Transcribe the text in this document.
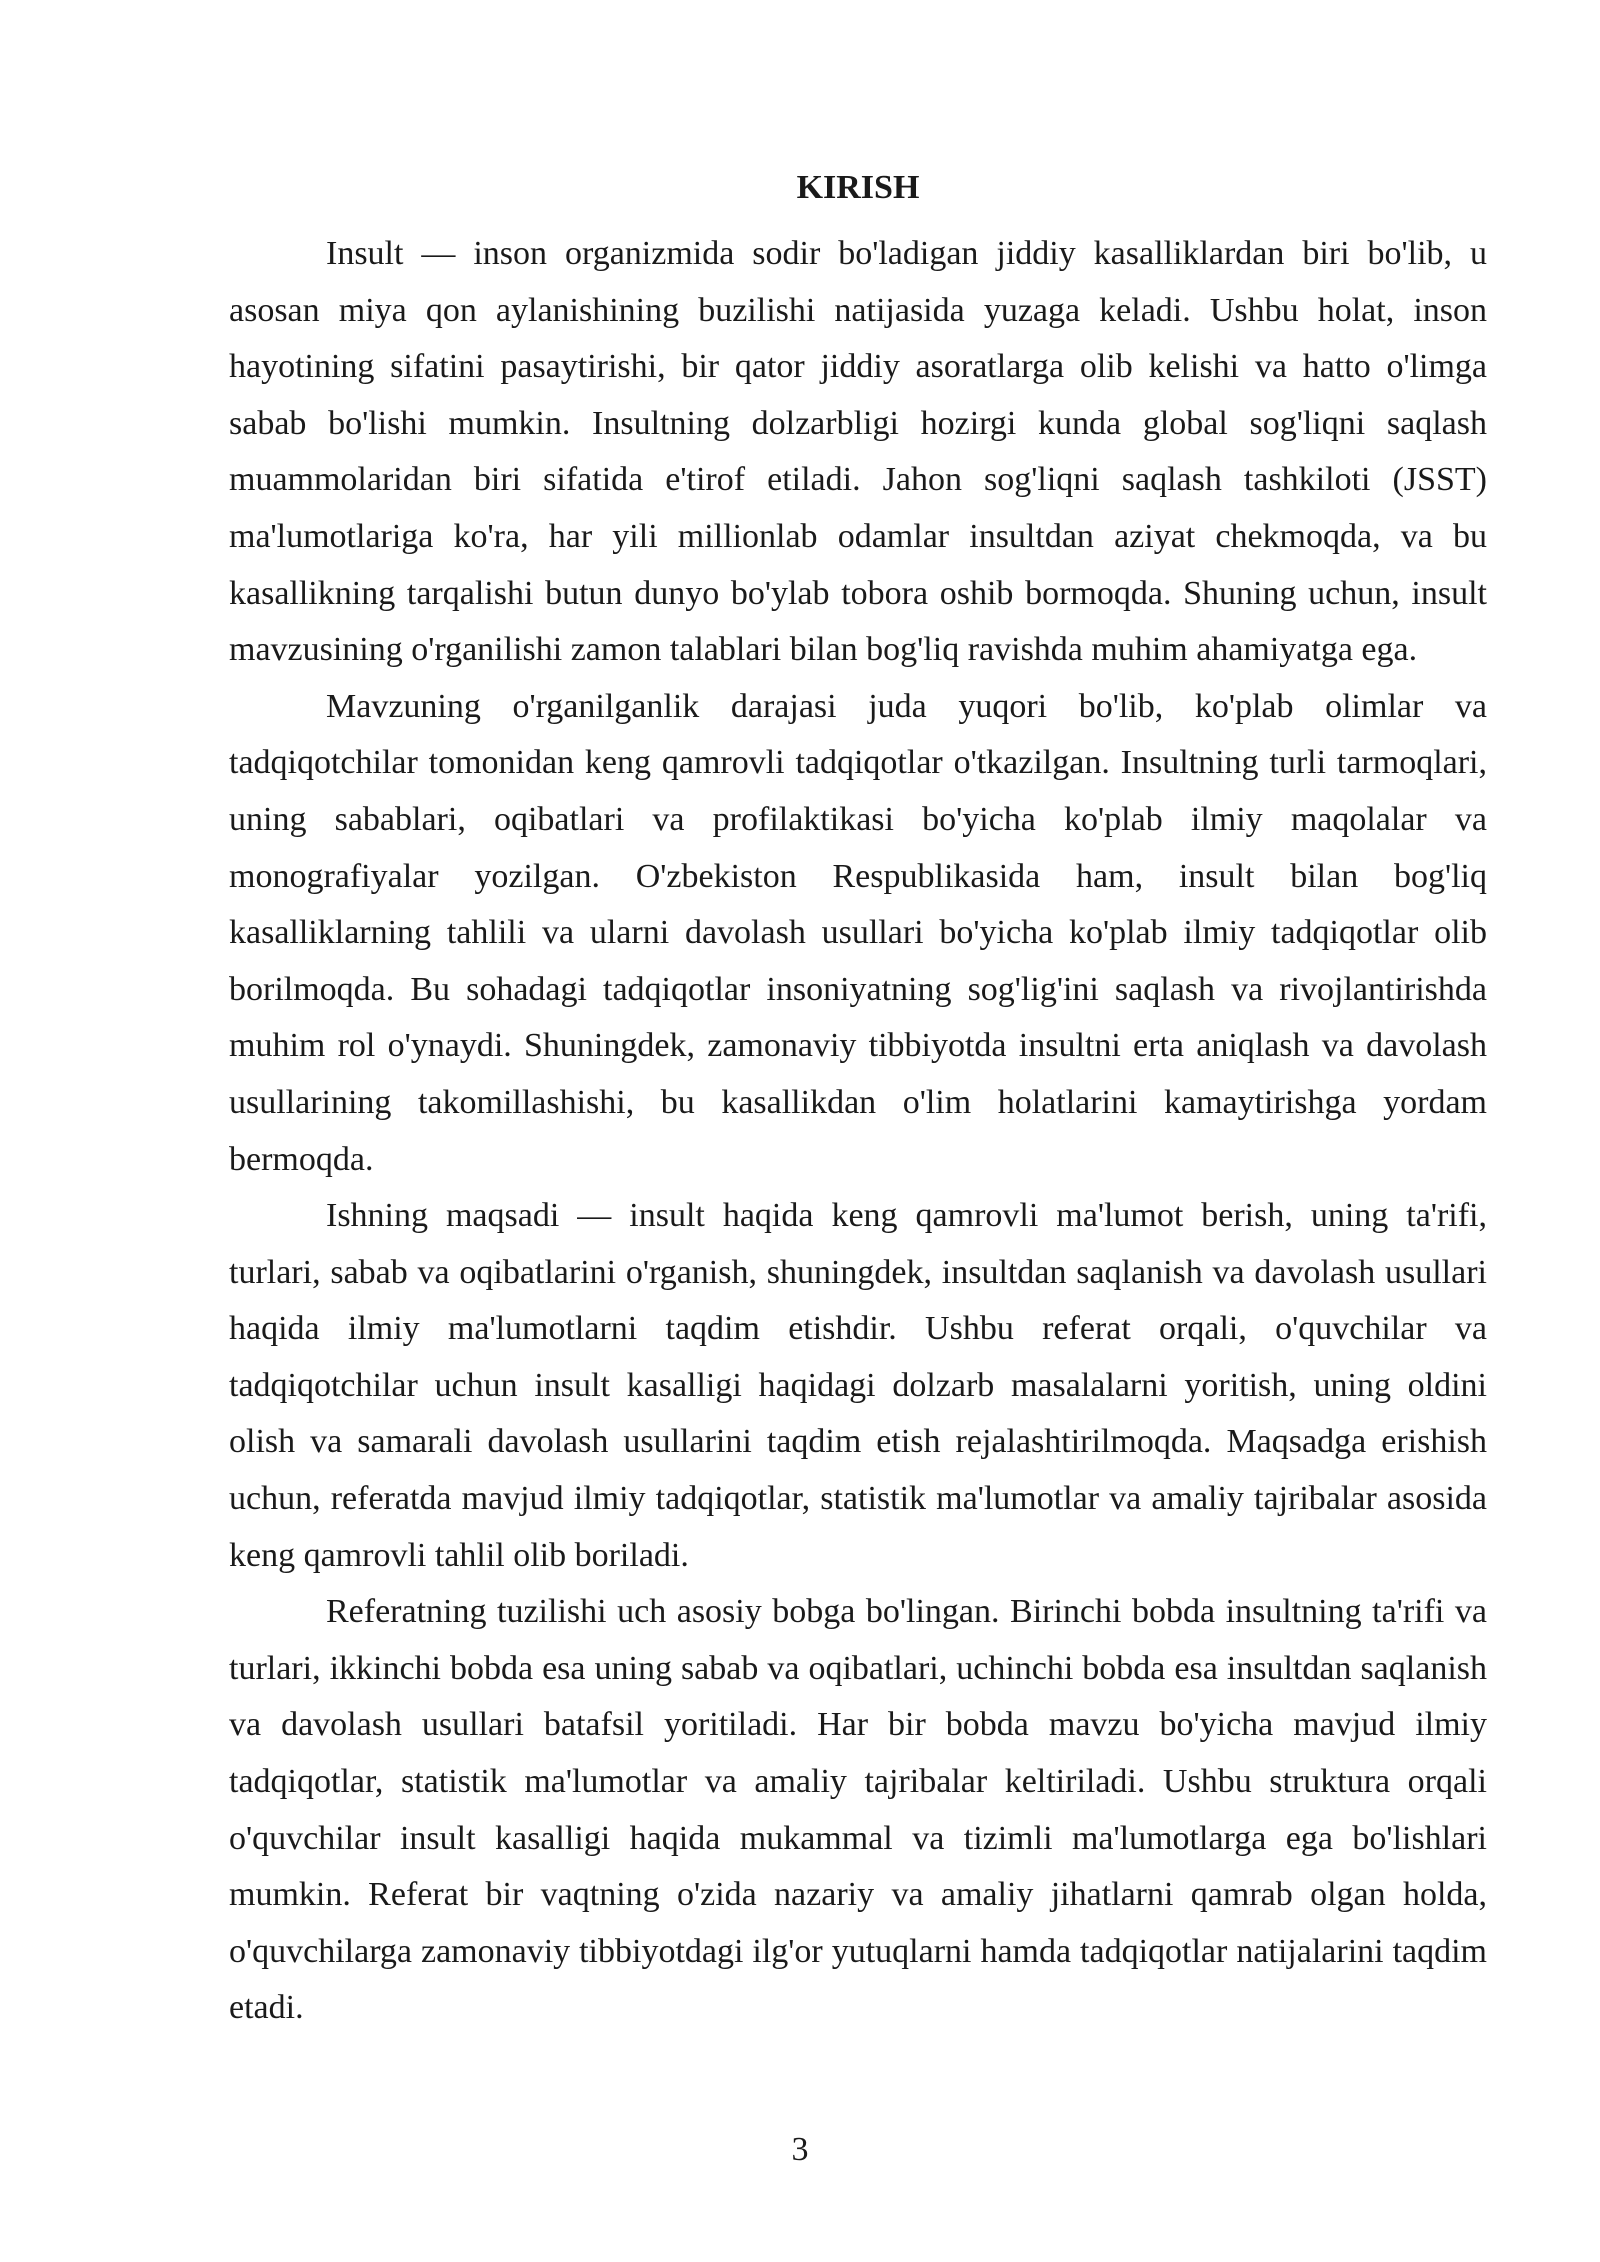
KIRISH

Insult — inson organizmida sodir bo'ladigan jiddiy kasalliklardan biri bo'lib, u asosan miya qon aylanishining buzilishi natijasida yuzaga keladi. Ushbu holat, inson hayotining sifatini pasaytirishi, bir qator jiddiy asoratlarga olib kelishi va hatto o'limga sabab bo'lishi mumkin. Insultning dolzarbligi hozirgi kunda global sog'liqni saqlash muammolaridan biri sifatida e'tirof etiladi. Jahon sog'liqni saqlash tashkiloti (JSST) ma'lumotlariga ko'ra, har yili millionlab odamlar insultdan aziyat chekmoqda, va bu kasallikning tarqalishi butun dunyo bo'ylab tobora oshib bormoqda. Shuning uchun, insult mavzusining o'rganilishi zamon talablari bilan bog'liq ravishda muhim ahamiyatga ega.

Mavzuning o'rganilganlik darajasi juda yuqori bo'lib, ko'plab olimlar va tadqiqotchilar tomonidan keng qamrovli tadqiqotlar o'tkazilgan. Insultning turli tarmoqlari, uning sabablari, oqibatlari va profilaktikasi bo'yicha ko'plab ilmiy maqolalar va monografiyalar yozilgan. O'zbekiston Respublikasida ham, insult bilan bog'liq kasalliklarning tahlili va ularni davolash usullari bo'yicha ko'plab ilmiy tadqiqotlar olib borilmoqda. Bu sohadagi tadqiqotlar insoniyatning sog'lig'ini saqlash va rivojlantirishda muhim rol o'ynaydi. Shuningdek, zamonaviy tibbiyotda insultni erta aniqlash va davolash usullarining takomillashishi, bu kasallikdan o'lim holatlarini kamaytirishga yordam bermoqda.

Ishning maqsadi — insult haqida keng qamrovli ma'lumot berish, uning ta'rifi, turlari, sabab va oqibatlarini o'rganish, shuningdek, insultdan saqlanish va davolash usullari haqida ilmiy ma'lumotlarni taqdim etishdir. Ushbu referat orqali, o'quvchilar va tadqiqotchilar uchun insult kasalligi haqidagi dolzarb masalalarni yoritish, uning oldini olish va samarali davolash usullarini taqdim etish rejalashtirilmoqda. Maqsadga erishish uchun, referatda mavjud ilmiy tadqiqotlar, statistik ma'lumotlar va amaliy tajribalar asosida keng qamrovli tahlil olib boriladi.

Referatning tuzilishi uch asosiy bobga bo'lingan. Birinchi bobda insultning ta'rifi va turlari, ikkinchi bobda esa uning sabab va oqibatlari, uchinchi bobda esa insultdan saqlanish va davolash usullari batafsil yoritiladi. Har bir bobda mavzu bo'yicha mavjud ilmiy tadqiqotlar, statistik ma'lumotlar va amaliy tajribalar keltiriladi. Ushbu struktura orqali o'quvchilar insult kasalligi haqida mukammal va tizimli ma'lumotlarga ega bo'lishlari mumkin. Referat bir vaqtning o'zida nazariy va amaliy jihatlarni qamrab olgan holda, o'quvchilarga zamonaviy tibbiyotdagi ilg'or yutuqlarni hamda tadqiqotlar natijalarini taqdim etadi.

3
